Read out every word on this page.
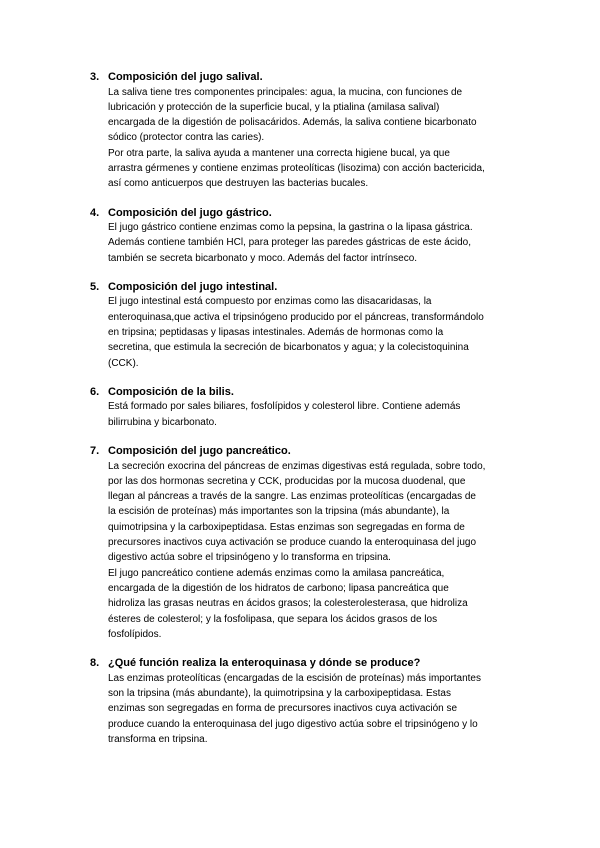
3. Composición del jugo salival.

La saliva tiene tres componentes principales: agua, la mucina, con funciones de
lubricación y protección de la superficie bucal, y la ptialina (amilasa salival)
encargada de la digestión de polisacáridos. Además, la saliva contiene bicarbonato
sódico (protector contra las caries).

Por otra parte, la saliva ayuda a mantener una correcta higiene bucal, ya que
arrastra gérmenes y contiene enzimas proteolíticas (lisozima) con acción bactericida,
así como anticuerpos que destruyen las bacterias bucales.

4. Composición del jugo gástrico.

El jugo gástrico contiene enzimas como la pepsina, la gastrina o la lipasa gástrica.
Además contiene también HCl, para proteger las paredes gástricas de este ácido,
también se secreta bicarbonato y moco. Además del factor intrínseco.

5. Composición del jugo intestinal.

El jugo intestinal está compuesto por enzimas como las disacaridasas, la
enteroquinasa,que activa el tripsinógeno producido por el páncreas, transformándolo
en tripsina; peptidasas y lipasas intestinales. Además de hormonas como la
secretina, que estimula la secreción de bicarbonatos y agua; y la colecistoquinina
(CCK).

6. Composición de la bilis.

Está formado por sales biliares, fosfolípidos y colesterol libre. Contiene además
bilirrubina y bicarbonato.

7. Composición del jugo pancreático.

La secreción exocrina del páncreas de enzimas digestivas está regulada, sobre todo,
por las dos hormonas secretina y CCK, producidas por la mucosa duodenal, que
llegan al páncreas a través de la sangre. Las enzimas proteolíticas (encargadas de
la escisión de proteínas) más importantes son la tripsina (más abundante), la
quimotripsina y la carboxipeptidasa. Estas enzimas son segregadas en forma de
precursores inactivos cuya activación se produce cuando la enteroquinasa del jugo
digestivo actúa sobre el tripsinógeno y lo transforma en tripsina.

El jugo pancreático contiene además enzimas como la amilasa pancreática,
encargada de la digestión de los hidratos de carbono; lipasa pancreática que
hidroliza las grasas neutras en ácidos grasos; la colesterolesterasa, que hidroliza
ésteres de colesterol; y la fosfolipasa, que separa los ácidos grasos de los
fosfolípidos.

8. ¿Qué función realiza la enteroquinasa y dónde se produce?

Las enzimas proteolíticas (encargadas de la escisión de proteínas) más importantes
son la tripsina (más abundante), la quimotripsina y la carboxipeptidasa. Estas
enzimas son segregadas en forma de precursores inactivos cuya activación se
produce cuando la enteroquinasa del jugo digestivo actúa sobre el tripsinógeno y lo
transforma en tripsina.
